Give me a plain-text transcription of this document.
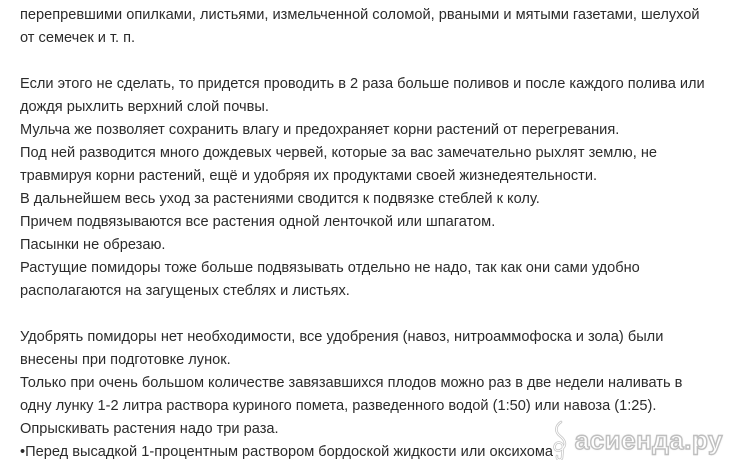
перепревшими опилками, листьями, измельченной соломой, рваными и мятыми газетами, шелухой
от семечек и т. п.
Если этого не сделать, то придется проводить в 2 раза больше поливов и после каждого полива или
дождя рыхлить верхний слой почвы.
Мульча же позволяет сохранить влагу и предохраняет корни растений от перегревания.
Под ней разводится много дождевых червей, которые за вас замечательно рыхлят землю, не
травмируя корни растений, ещё и удобряя их продуктами своей жизнедеятельности.
В дальнейшем весь уход за растениями сводится к подвязке стеблей к колу.
Причем подвязываются все растения одной ленточкой или шпагатом.
Пасынки не обрезаю.
Растущие помидоры тоже больше подвязывать отдельно не надо, так как они сами удобно
располагаются на загущеных стеблях и листьях.
Удобрять помидоры нет необходимости, все удобрения (навоз, нитроаммофоска и зола) были
внесены при подготовке лунок.
Только при очень большом количестве завязавшихся плодов можно раз в две недели наливать в
одну лунку 1-2 литра раствора куриного помета, разведенного водой (1:50) или навоза (1:25).
Опрыскивать растения надо три раза.
•Перед высадкой 1-процентным раствором бордоской жидкости или оксихома асиенда.ру
